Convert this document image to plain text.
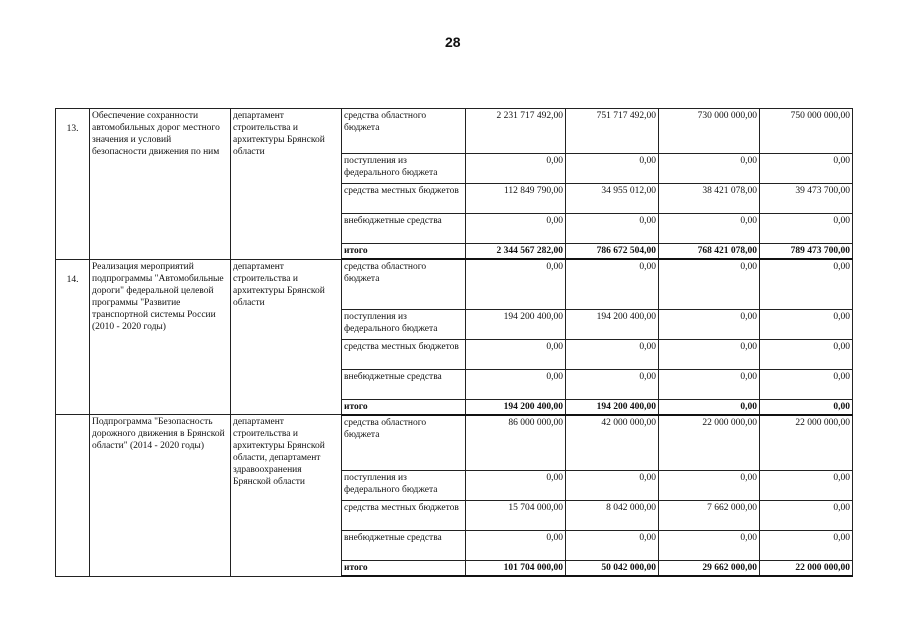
28
13.	Обеспечение сохранности автомобильных дорог местного значения и условий безопасности движения по ним	департамент строительства и архитектуры Брянской области	средства областного бюджета	2 231 717 492,00	751 717 492,00	730 000 000,00	750 000 000,00
			поступления из федерального бюджета	0,00	0,00	0,00	0,00
			средства местных бюджетов	112 849 790,00	34 955 012,00	38 421 078,00	39 473 700,00
			внебюджетные средства	0,00	0,00	0,00	0,00
			итого	2 344 567 282,00	786 672 504,00	768 421 078,00	789 473 700,00
14.	Реализация мероприятий подпрограммы "Автомобильные дороги" федеральной целевой программы "Развитие транспортной системы России (2010 - 2020 годы)	департамент строительства и архитектуры Брянской области	средства областного бюджета	0,00	0,00	0,00	0,00
			поступления из федерального бюджета	194 200 400,00	194 200 400,00	0,00	0,00
			средства местных бюджетов	0,00	0,00	0,00	0,00
			внебюджетные средства	0,00	0,00	0,00	0,00
			итого	194 200 400,00	194 200 400,00	0,00	0,00
	Подпрограмма "Безопасность дорожного движения в Брянской области" (2014 - 2020 годы)	департамент строительства и архитектуры Брянской области, департамент здравоохранения Брянской области	средства областного бюджета	86 000 000,00	42 000 000,00	22 000 000,00	22 000 000,00
			поступления из федерального бюджета	0,00	0,00	0,00	0,00
			средства местных бюджетов	15 704 000,00	8 042 000,00	7 662 000,00	0,00
			внебюджетные средства	0,00	0,00	0,00	0,00
			итого	101 704 000,00	50 042 000,00	29 662 000,00	22 000 000,00
